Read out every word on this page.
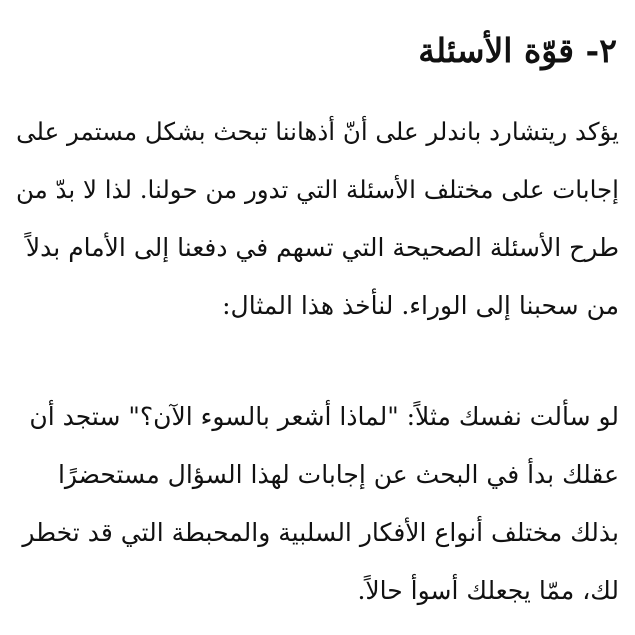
٢- قوّة الأسئلة
يؤكد ريتشارد باندلر على أنّ أذهاننا تبحث بشكل مستمر على
إجابات على مختلف الأسئلة التي تدور من حولنا. لذا لا بدّ من
طرح الأسئلة الصحيحة التي تسهم في دفعنا إلى الأمام بدلاً
من سحبنا إلى الوراء. لنأخذ هذا المثال:
لو سألت نفسك مثلاً: "لماذا أشعر بالسوء الآن؟" ستجد أن
عقلك بدأ في البحث عن إجابات لهذا السؤال مستحضرًا
بذلك مختلف أنواع الأفكار السلبية والمحبطة التي قد تخطر
لك، ممّا يجعلك أسوأ حالاً.
